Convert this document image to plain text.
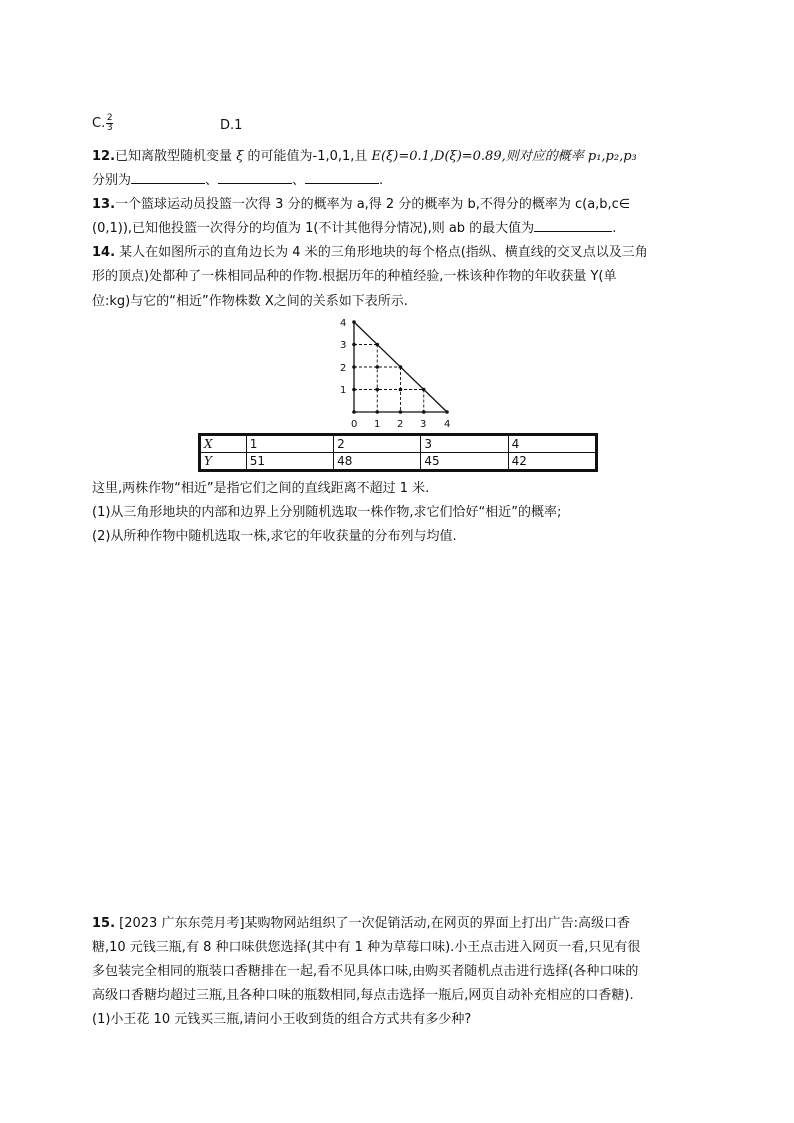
C. $\frac{2}{3}$	D.1
12.已知离散型随机变量 ξ 的可能值为-1,0,1,且 E(ξ)=0.1,D(ξ)=0.89,则对应的概率 p₁,p₂,p₃
分别为	、	、	.
13.一个篮球运动员投篮一次得 3 分的概率为 a,得 2 分的概率为 b,不得分的概率为 c(a,b,c∈
(0,1)),已知他投篮一次得分的均值为 1(不计其他得分情况),则 ab 的最大值为	.
14. 某人在如图所示的直角边长为 4 米的三角形地块的每个格点(指纵、横直线的交叉点以及三角
形的顶点)处都种了一株相同品种的作物.根据历年的种植经验,一株该种作物的年收获量 Y(单
位:kg)与它的“相近”作物株数 X之间的关系如下表所示.
4
3
2
1
0 1 2 3 4
X	1	2	3	4
Y	51	48	45	42
这里,两株作物“相近”是指它们之间的直线距离不超过 1 米.
(1)从三角形地块的内部和边界上分别随机选取一株作物,求它们恰好“相近”的概率;
(2)从所种作物中随机选取一株,求它的年收获量的分布列与均值.
15. [2023 广东东莞月考]某购物网站组织了一次促销活动,在网页的界面上打出广告:高级口香
糖,10 元钱三瓶,有 8 种口味供您选择(其中有 1 种为草莓口味).小王点击进入网页一看,只见有很
多包装完全相同的瓶装口香糖排在一起,看不见具体口味,由购买者随机点击进行选择(各种口味的
高级口香糖均超过三瓶,且各种口味的瓶数相同,每点击选择一瓶后,网页自动补充相应的口香糖).
(1)小王花 10 元钱买三瓶,请问小王收到货的组合方式共有多少种?
